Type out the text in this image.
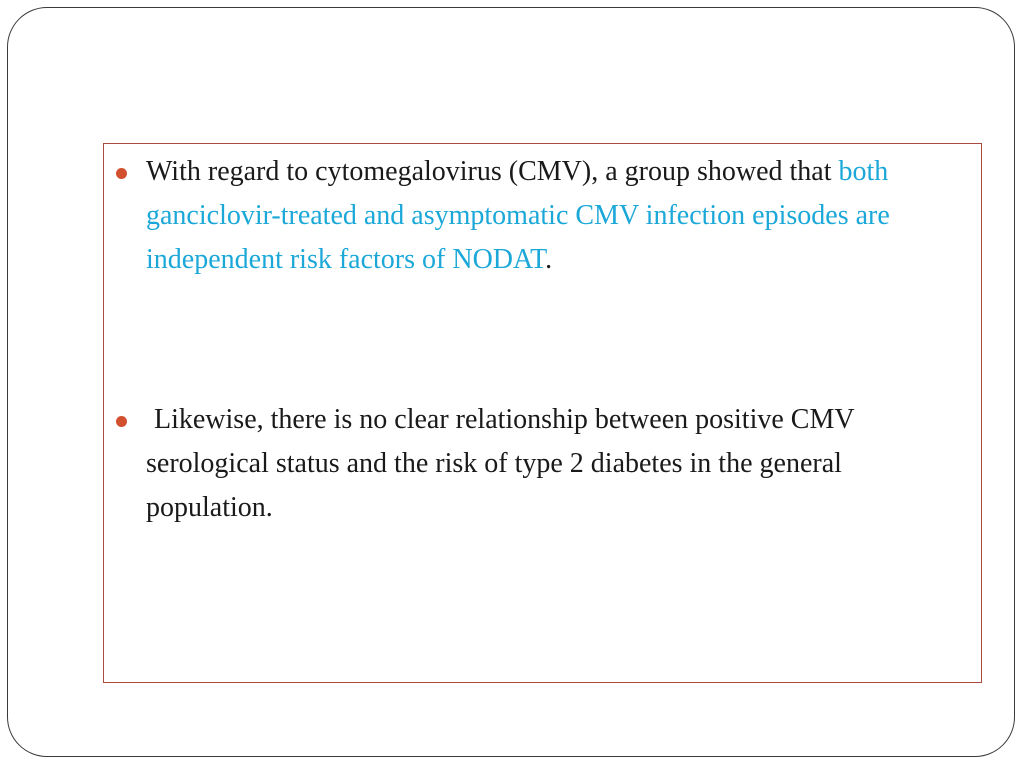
With regard to cytomegalovirus (CMV), a group showed that both ganciclovir-treated and asymptomatic CMV infection episodes are independent risk factors of NODAT.
Likewise, there is no clear relationship between positive CMV serological status and the risk of type 2 diabetes in the general population.
